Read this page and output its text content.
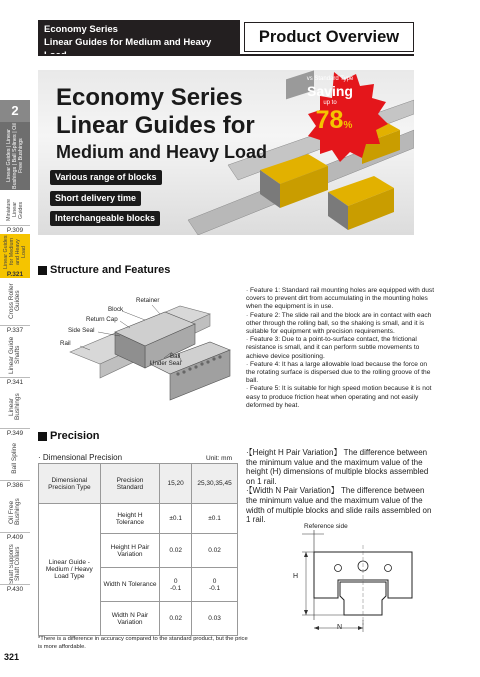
Economy Series
Linear Guides for Medium and Heavy	Product Overview
2
Linear Guides | Linear Bushings | Ball Splines | Oil Free Bushings
Miniature Linear Guides
P.309
Linear Guides for Medium and Heavy Load
P.321
Cross Roller Guides
P.337
Linear Guide Shafts
P.341
Linear Bushings
P.349
Ball Spline
P.386
Oil Free Bushings
P.409
Shaft Supports Shaft Collars
P.430
Economy Series
Linear Guides for
Medium and Heavy Load
Various range of blocks
Short delivery time
Interchangeable blocks
vs Standard Type
Saving
up to
78%
Structure and Features
Retainer
Block
Return Cap
Side Seal
Rail
Ball
Under Seal

· Feature 1: Standard rail mounting holes are equipped with dust covers to prevent dirt from accumulating in the mounting holes when the equipment is in use.

· Feature 2: The slide rail and the block are in contact with each other through the rolling ball, so the shaking is small, and it is suitable for equipment with precision requirements.

· Feature 3: Due to a point-to-surface contact, the frictional resistance is small, and it can perform subtle movements to achieve device positioning.

· Feature 4: It has a large allowable load because the force on the rotating surface is dispersed due to the rolling groove of the ball.

· Feature 5: It is suitable for high speed motion because it is not easy to produce friction heat when operating and not easily deformed by heat.

Precision
· Dimensional Precision	Unit: mm
Dimensional Precision Type	Precision Standard	15,20	25,30,35,45
Linear Guide - Medium / Heavy Load Type	Height H Tolerance	±0.1	±0.1
	Height H Pair Variation	0.02	0.02
	Width N Tolerance	0
-0.1	0
-0.1
	Width N Pair Variation	0.02	0.03
*There is a difference in accuracy compared to the standard product, but the price is more affordable.

·【Height H Pair Variation】 The difference between the minimum value and the maximum value of the height (H) dimensions of multiple blocks assembled on 1 rail.

·【Width N Pair Variation】 The difference between the minimum value and the maximum value of the width of multiple blocks and slide rails assembled on 1 rail.

Reference side
H
N
321
